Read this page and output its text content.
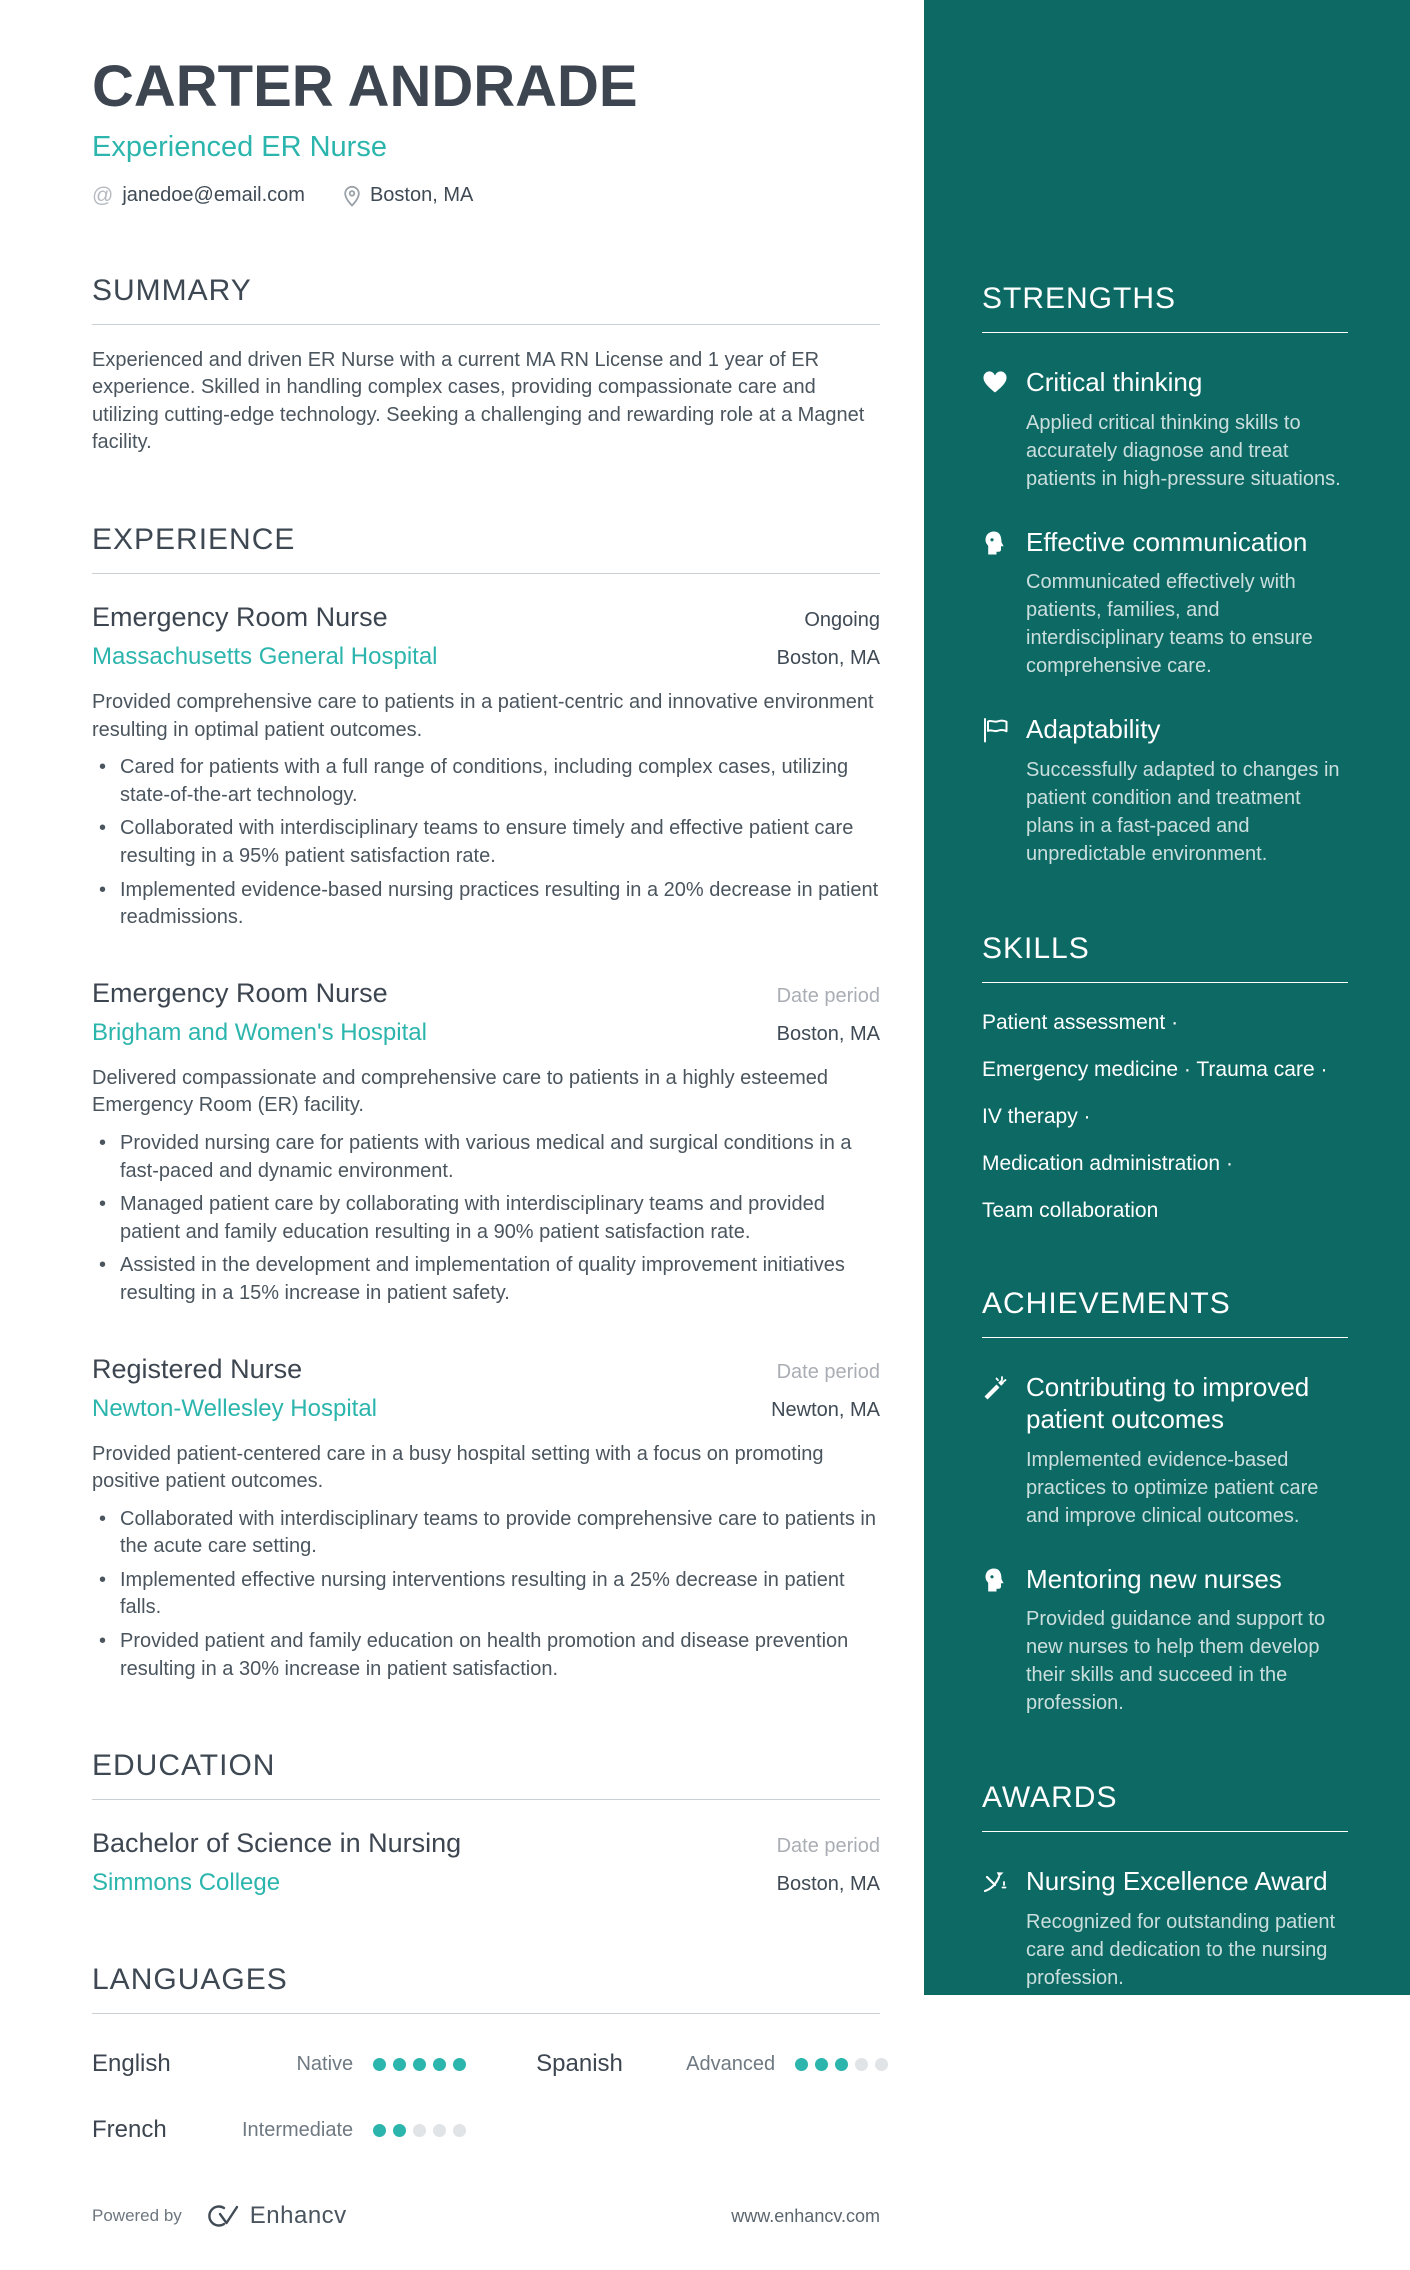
CARTER ANDRADE
Experienced ER Nurse
@ janedoe@email.com	Boston, MA
SUMMARY
Experienced and driven ER Nurse with a current MA RN License and 1 year of ER experience. Skilled in handling complex cases, providing compassionate care and utilizing cutting-edge technology. Seeking a challenging and rewarding role at a Magnet facility.
EXPERIENCE
Emergency Room Nurse	Ongoing
Massachusetts General Hospital	Boston, MA
Provided comprehensive care to patients in a patient-centric and innovative environment resulting in optimal patient outcomes.
• Cared for patients with a full range of conditions, including complex cases, utilizing state-of-the-art technology.
• Collaborated with interdisciplinary teams to ensure timely and effective patient care resulting in a 95% patient satisfaction rate.
• Implemented evidence-based nursing practices resulting in a 20% decrease in patient readmissions.
Emergency Room Nurse	Date period
Brigham and Women's Hospital	Boston, MA
Delivered compassionate and comprehensive care to patients in a highly esteemed Emergency Room (ER) facility.
• Provided nursing care for patients with various medical and surgical conditions in a fast-paced and dynamic environment.
• Managed patient care by collaborating with interdisciplinary teams and provided patient and family education resulting in a 90% patient satisfaction rate.
• Assisted in the development and implementation of quality improvement initiatives resulting in a 15% increase in patient safety.
Registered Nurse	Date period
Newton-Wellesley Hospital	Newton, MA
Provided patient-centered care in a busy hospital setting with a focus on promoting positive patient outcomes.
• Collaborated with interdisciplinary teams to provide comprehensive care to patients in the acute care setting.
• Implemented effective nursing interventions resulting in a 25% decrease in patient falls.
• Provided patient and family education on health promotion and disease prevention resulting in a 30% increase in patient satisfaction.
EDUCATION
Bachelor of Science in Nursing	Date period
Simmons College	Boston, MA
LANGUAGES
English	Native	Spanish	Advanced
French	Intermediate
Powered by	Enhancv	www.enhancv.com
STRENGTHS
Critical thinking
Applied critical thinking skills to accurately diagnose and treat patients in high-pressure situations.
Effective communication
Communicated effectively with patients, families, and interdisciplinary teams to ensure comprehensive care.
Adaptability
Successfully adapted to changes in patient condition and treatment plans in a fast-paced and unpredictable environment.
SKILLS
Patient assessment ·
Emergency medicine · Trauma care ·
IV therapy ·
Medication administration ·
Team collaboration
ACHIEVEMENTS
Contributing to improved patient outcomes
Implemented evidence-based practices to optimize patient care and improve clinical outcomes.
Mentoring new nurses
Provided guidance and support to new nurses to help them develop their skills and succeed in the profession.
AWARDS
Nursing Excellence Award
Recognized for outstanding patient care and dedication to the nursing profession.
